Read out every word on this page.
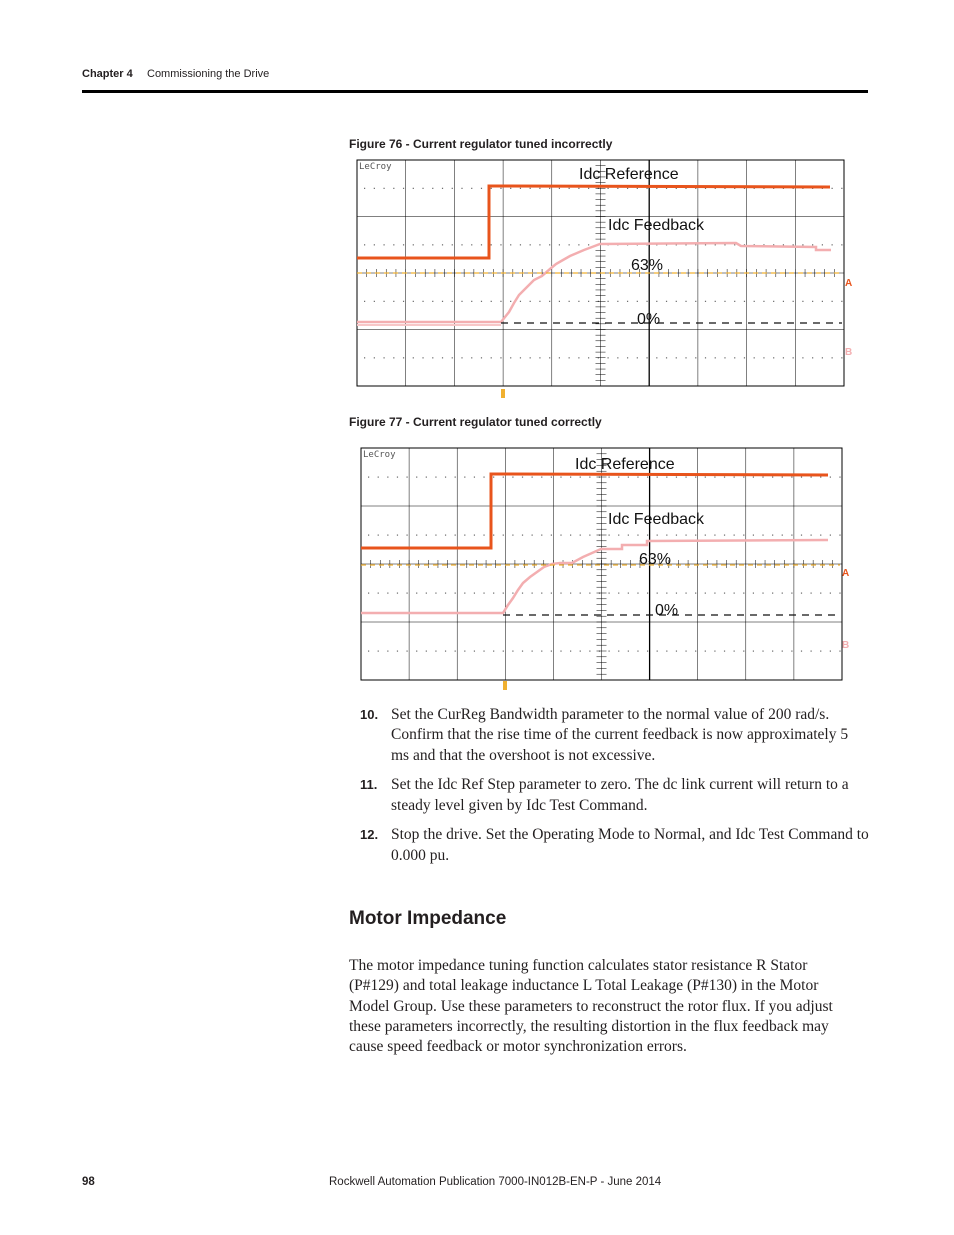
Chapter 4 Commissioning the Drive
Figure 76 - Current regulator tuned incorrectly
LeCroy	Idc Reference
Idc Feedback
63%
0%
A
B
Figure 77 - Current regulator tuned correctly
LeCroy
Idc Reference
Idc Feedback
63%
0%
A
B
10. Set the CurReg Bandwidth parameter to the normal value of 200 rad/s. Confirm that the rise time of the current feedback is now approximately 5 ms and that the overshoot is not excessive.
11. Set the Idc Ref Step parameter to zero. The dc link current will return to a steady level given by Idc Test Command.
12. Stop the drive. Set the Operating Mode to Normal, and Idc Test Command to 0.000 pu.
Motor Impedance

The motor impedance tuning function calculates stator resistance R Stator (P#129) and total leakage inductance L Total Leakage (P#130) in the Motor Model Group. Use these parameters to reconstruct the rotor flux. If you adjust these parameters incorrectly, the resulting distortion in the flux feedback may cause speed feedback or motor synchronization errors.

98	Rockwell Automation Publication 7000-IN012B-EN-P - June 2014
